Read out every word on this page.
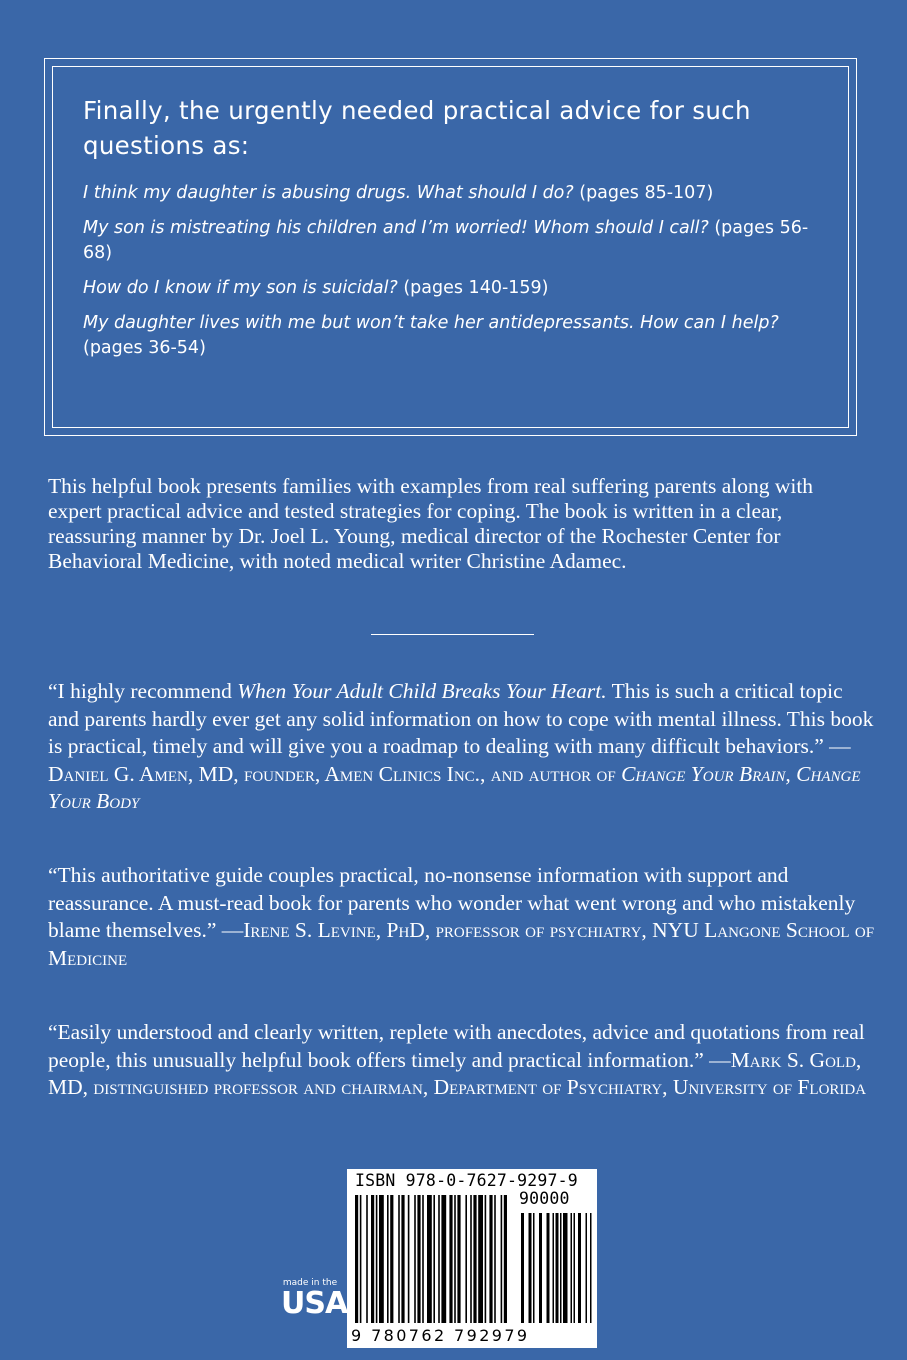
Finally, the urgently needed practical advice for such questions as:

I think my daughter is abusing drugs. What should I do? (pages 85-107)

My son is mistreating his children and I’m worried! Whom should I call? (pages 56-68)

How do I know if my son is suicidal? (pages 140-159)

My daughter lives with me but won’t take her antidepressants. How can I help? (pages 36-54)

This helpful book presents families with examples from real suffering parents along with expert practical advice and tested strategies for coping. The book is written in a clear, reassuring manner by Dr. Joel L. Young, medical director of the Rochester Center for Behavioral Medicine, with noted medical writer Christine Adamec.

“I highly recommend When Your Adult Child Breaks Your Heart. This is such a critical topic and parents hardly ever get any solid information on how to cope with mental illness. This book is practical, timely and will give you a roadmap to dealing with many difficult behaviors.” —Daniel G. Amen, MD, founder, Amen Clinics Inc., and author of Change Your Brain, Change Your Body

“This authoritative guide couples practical, no-nonsense information with support and reassurance. A must-read book for parents who wonder what went wrong and who mistakenly blame themselves.” —Irene S. Levine, PhD, professor of psychiatry, NYU Langone School of Medicine

“Easily understood and clearly written, replete with anecdotes, advice and quotations from real people, this unusually helpful book offers timely and practical information.” —Mark S. Gold, MD, distinguished professor and chairman, Department of Psychiatry, University of Florida

ISBN 978-0-7627-9297-9
90000
9 780762 792979
made in the
USA
